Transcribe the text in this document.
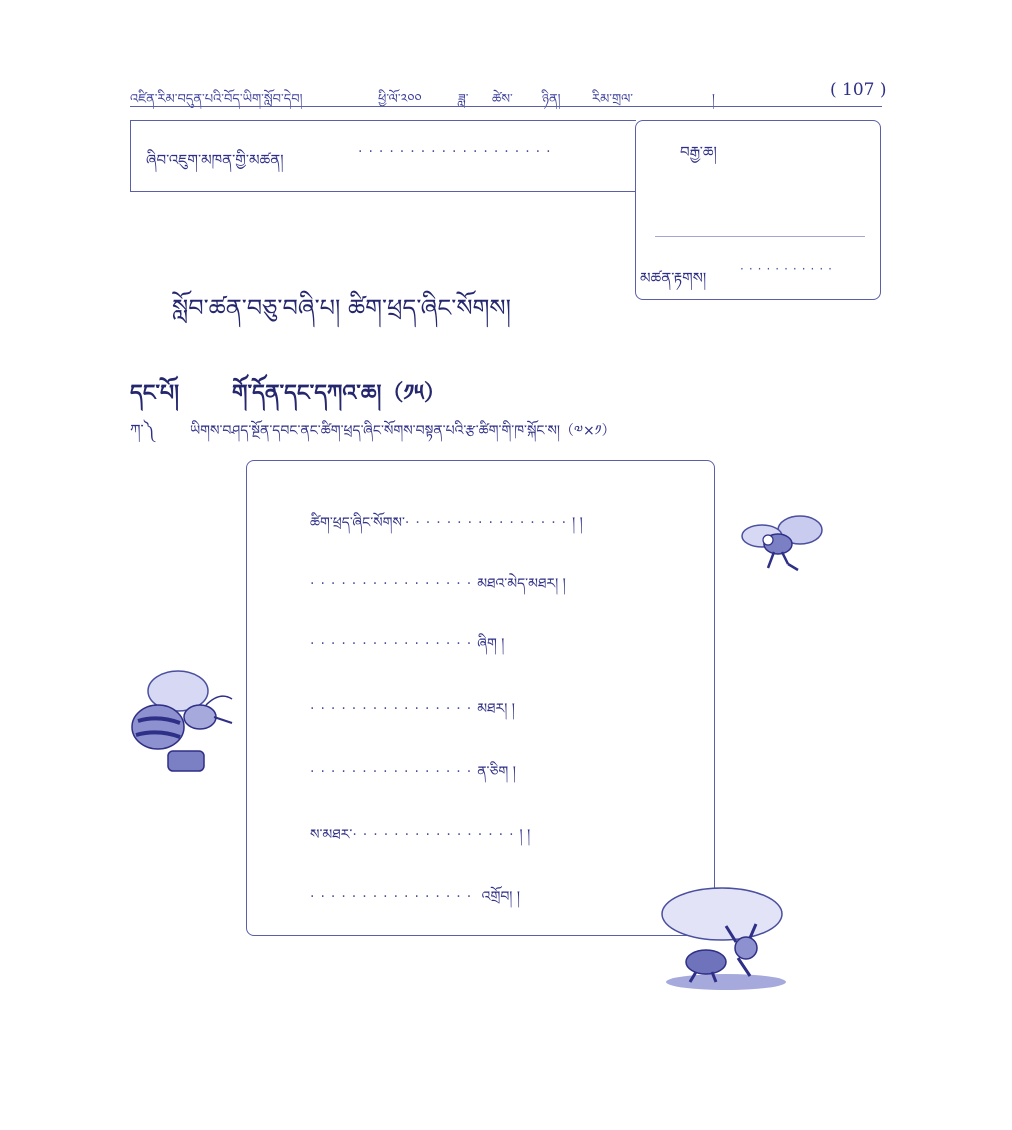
འཛིན་རིམ་བདུན་པའི་བོད་ཡིག་སློབ་དེབ།	ཕྱི་ལོ་༢༠༠	ཟླ་ ཚེས་ ཉིན། རིམ་གྲལ་	།	( 107 )
ཞིབ་འཇུག་མཁན་གྱི་མཚན།	···················	བརྒྱ་ཆ།
མཚན་རྟགས།	···········
སློབ་ཚན་བཅུ་བཞི་པ། ཚིག་ཕྲད་ཞིང་སོགས།
དང་པོ། གོ་དོན་དང་དཀའ་ཆ།（༡༥）
ཀ་༽	ཡིགས་བཤད་སྔོན་དབང་ནང་ཚིག་ཕྲད་ཞིང་སོགས་བསྟན་པའི་རྩ་ཚིག་གི་ཁ་སྐོང་ས།（༧×༡）
ཚིག་ཕྲད་ཞིང་སོགས་················། །
················མཐའ་མེད་མཐར། །
················ཞིག །
················མཐར། །
················ན་ཅིག །
ས་མཐར་················། །
················ འགྲོབ། །
